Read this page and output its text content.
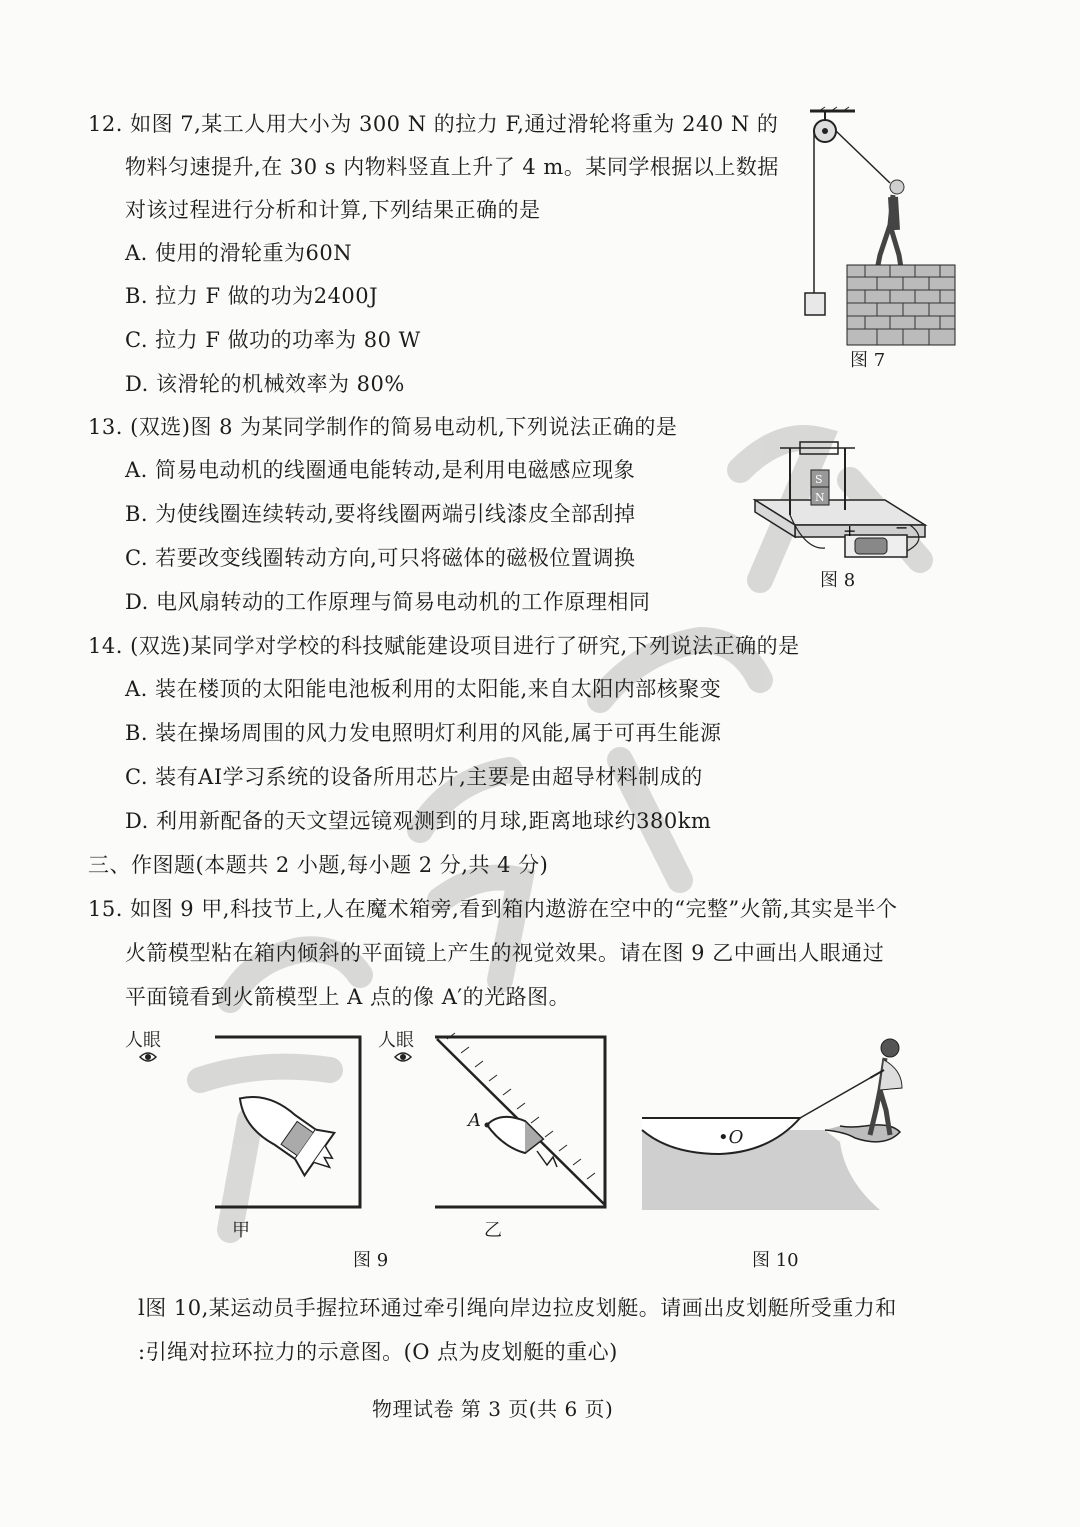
12. 如图 7,某工人用大小为 300 N 的拉力 F,通过滑轮将重为 240 N 的
物料匀速提升,在 30 s 内物料竖直上升了 4 m。某同学根据以上数据
对该过程进行分析和计算,下列结果正确的是
A. 使用的滑轮重为60N
B. 拉力 F 做的功为2400J
C. 拉力 F 做功的功率为 80 W
D. 该滑轮的机械效率为 80%
图 7
13. (双选)图 8 为某同学制作的简易电动机,下列说法正确的是
A. 简易电动机的线圈通电能转动,是利用电磁感应现象
B. 为使线圈连续转动,要将线圈两端引线漆皮全部刮掉
C. 若要改变线圈转动方向,可只将磁体的磁极位置调换
D. 电风扇转动的工作原理与简易电动机的工作原理相同
S
N
+ −
图 8
14. (双选)某同学对学校的科技赋能建设项目进行了研究,下列说法正确的是
A. 装在楼顶的太阳能电池板利用的太阳能,来自太阳内部核聚变
B. 装在操场周围的风力发电照明灯利用的风能,属于可再生能源
C. 装有AI学习系统的设备所用芯片,主要是由超导材料制成的
D. 利用新配备的天文望远镜观测到的月球,距离地球约380km
三、作图题(本题共 2 小题,每小题 2 分,共 4 分)
15. 如图 9 甲,科技节上,人在魔术箱旁,看到箱内遨游在空中的“完整”火箭,其实是半个
火箭模型粘在箱内倾斜的平面镜上产生的视觉效果。请在图 9 乙中画出人眼通过
平面镜看到火箭模型上 A 点的像 A′的光路图。
人眼
甲
人眼
A
乙
图 9
•O
图 10
l图 10,某运动员手握拉环通过牵引绳向岸边拉皮划艇。请画出皮划艇所受重力和
:引绳对拉环拉力的示意图。(O 点为皮划艇的重心)
物理试卷 第 3 页(共 6 页)
